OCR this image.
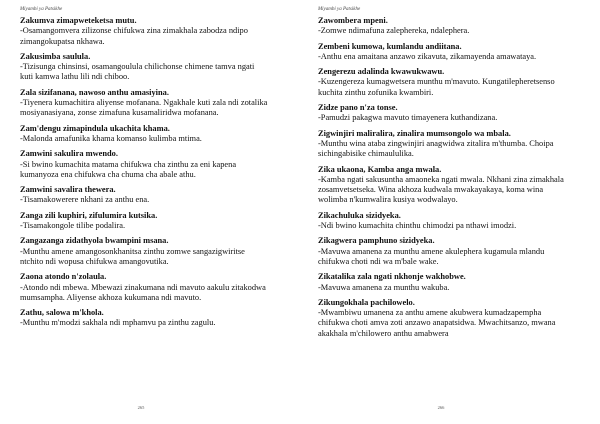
Miyambi ya Patsikhe
Zakumva zimapweteketsa mutu.
-Osamangomvera zilizonse chifukwa zina zimakhala zabodza ndipo zimangokupatsa nkhawa.
Zakusimba saulula.
-Tizisunga chinsinsi, osamangoulula chilichonse chimene tamva ngati kuti kamwa lathu lili ndi chiboo.
Zala sizifanana, nawoso anthu amasiyina.
-Tiyenera kumachitira aliyense mofanana. Ngakhale kuti zala ndi zotalika mosiyanasiyana, zonse zimafuna kusamaliridwa mofanana.
Zam'dengu zimapindula ukachita khama.
-Malonda amafunika khama komanso kulimba mtima.
Zamwini sakulira mwendo.
-Si bwino kumachita matama chifukwa cha zinthu za eni kapena kumanyoza ena chifukwa cha chuma cha abale athu.
Zamwini savalira thewera.
-Tisamakowerere nkhani za anthu ena.
Zanga zili kuphiri, zifulumira kutsika.
-Tisamakongole tilibe podalira.
Zangazanga zidathyola bwampini msana.
-Munthu amene amangosonkhanitsa zinthu zomwe sangazigwiritse ntchito ndi wopusa chifukwa amangovutika.
Zaona atondo n'zolaula.
-Atondo ndi mbewa. Mbewazi zinakumana ndi mavuto aakulu zitakodwa mumsampha. Aliyense akhoza kukumana ndi mavuto.
Zathu, salowa m'khola.
-Munthu m'modzi sakhala ndi mphamvu pa zinthu zagulu.
265
Miyambi ya Patsikhe
Zawombera mpeni.
-Zomwe ndimafuna zalephereka, ndalephera.
Zembeni kumowa, kumlandu andiitana.
-Anthu ena amaitana anzawo zikavuta, zikamayenda amawataya.
Zengerezu adalinda kwawukwawu.
-Kuzengereza kumagwetsera munthu m'mavuto. Kungatilepheretsenso kuchita zinthu zofunika kwambiri.
Zidze pano n'za tonse.
-Pamudzi pakagwa mavuto timayenera kuthandizana.
Zigwinjiri maliralira, zinalira mumsongolo wa mbala.
-Munthu wina ataba zingwinjiri anagwidwa zitalira m'thumba. Choipa sichingabisike chimaululika.
Zika ukaona, Kamba anga mwala.
-Kamba ngati sakusuntha amaoneka ngati mwala. Nkhani zina zimakhala zosamvetsetseka. Wina akhoza kudwala mwakayakaya, koma wina wolimba n'kumwalira kusiya wodwalayo.
Zikachuluka sizidyeka.
-Ndi bwino kumachita chinthu chimodzi pa nthawi imodzi.
Zikagwera pamphuno sizidyeka.
-Mavuwa amanena za munthu amene akulephera kugamula mlandu chifukwa choti ndi wa m'bale wake.
Zikatalika zala ngati nkhonje wakhobwe.
-Mavuwa amanena za munthu wakuba.
Zikungokhala pachilowelo.
-Mwambiwu umanena za anthu amene akubwera kumadzapempha chifukwa choti amva zoti anzawo anapatsidwa. Mwachitsanzo, mwana akakhala m'chilowero anthu amabwera
266
